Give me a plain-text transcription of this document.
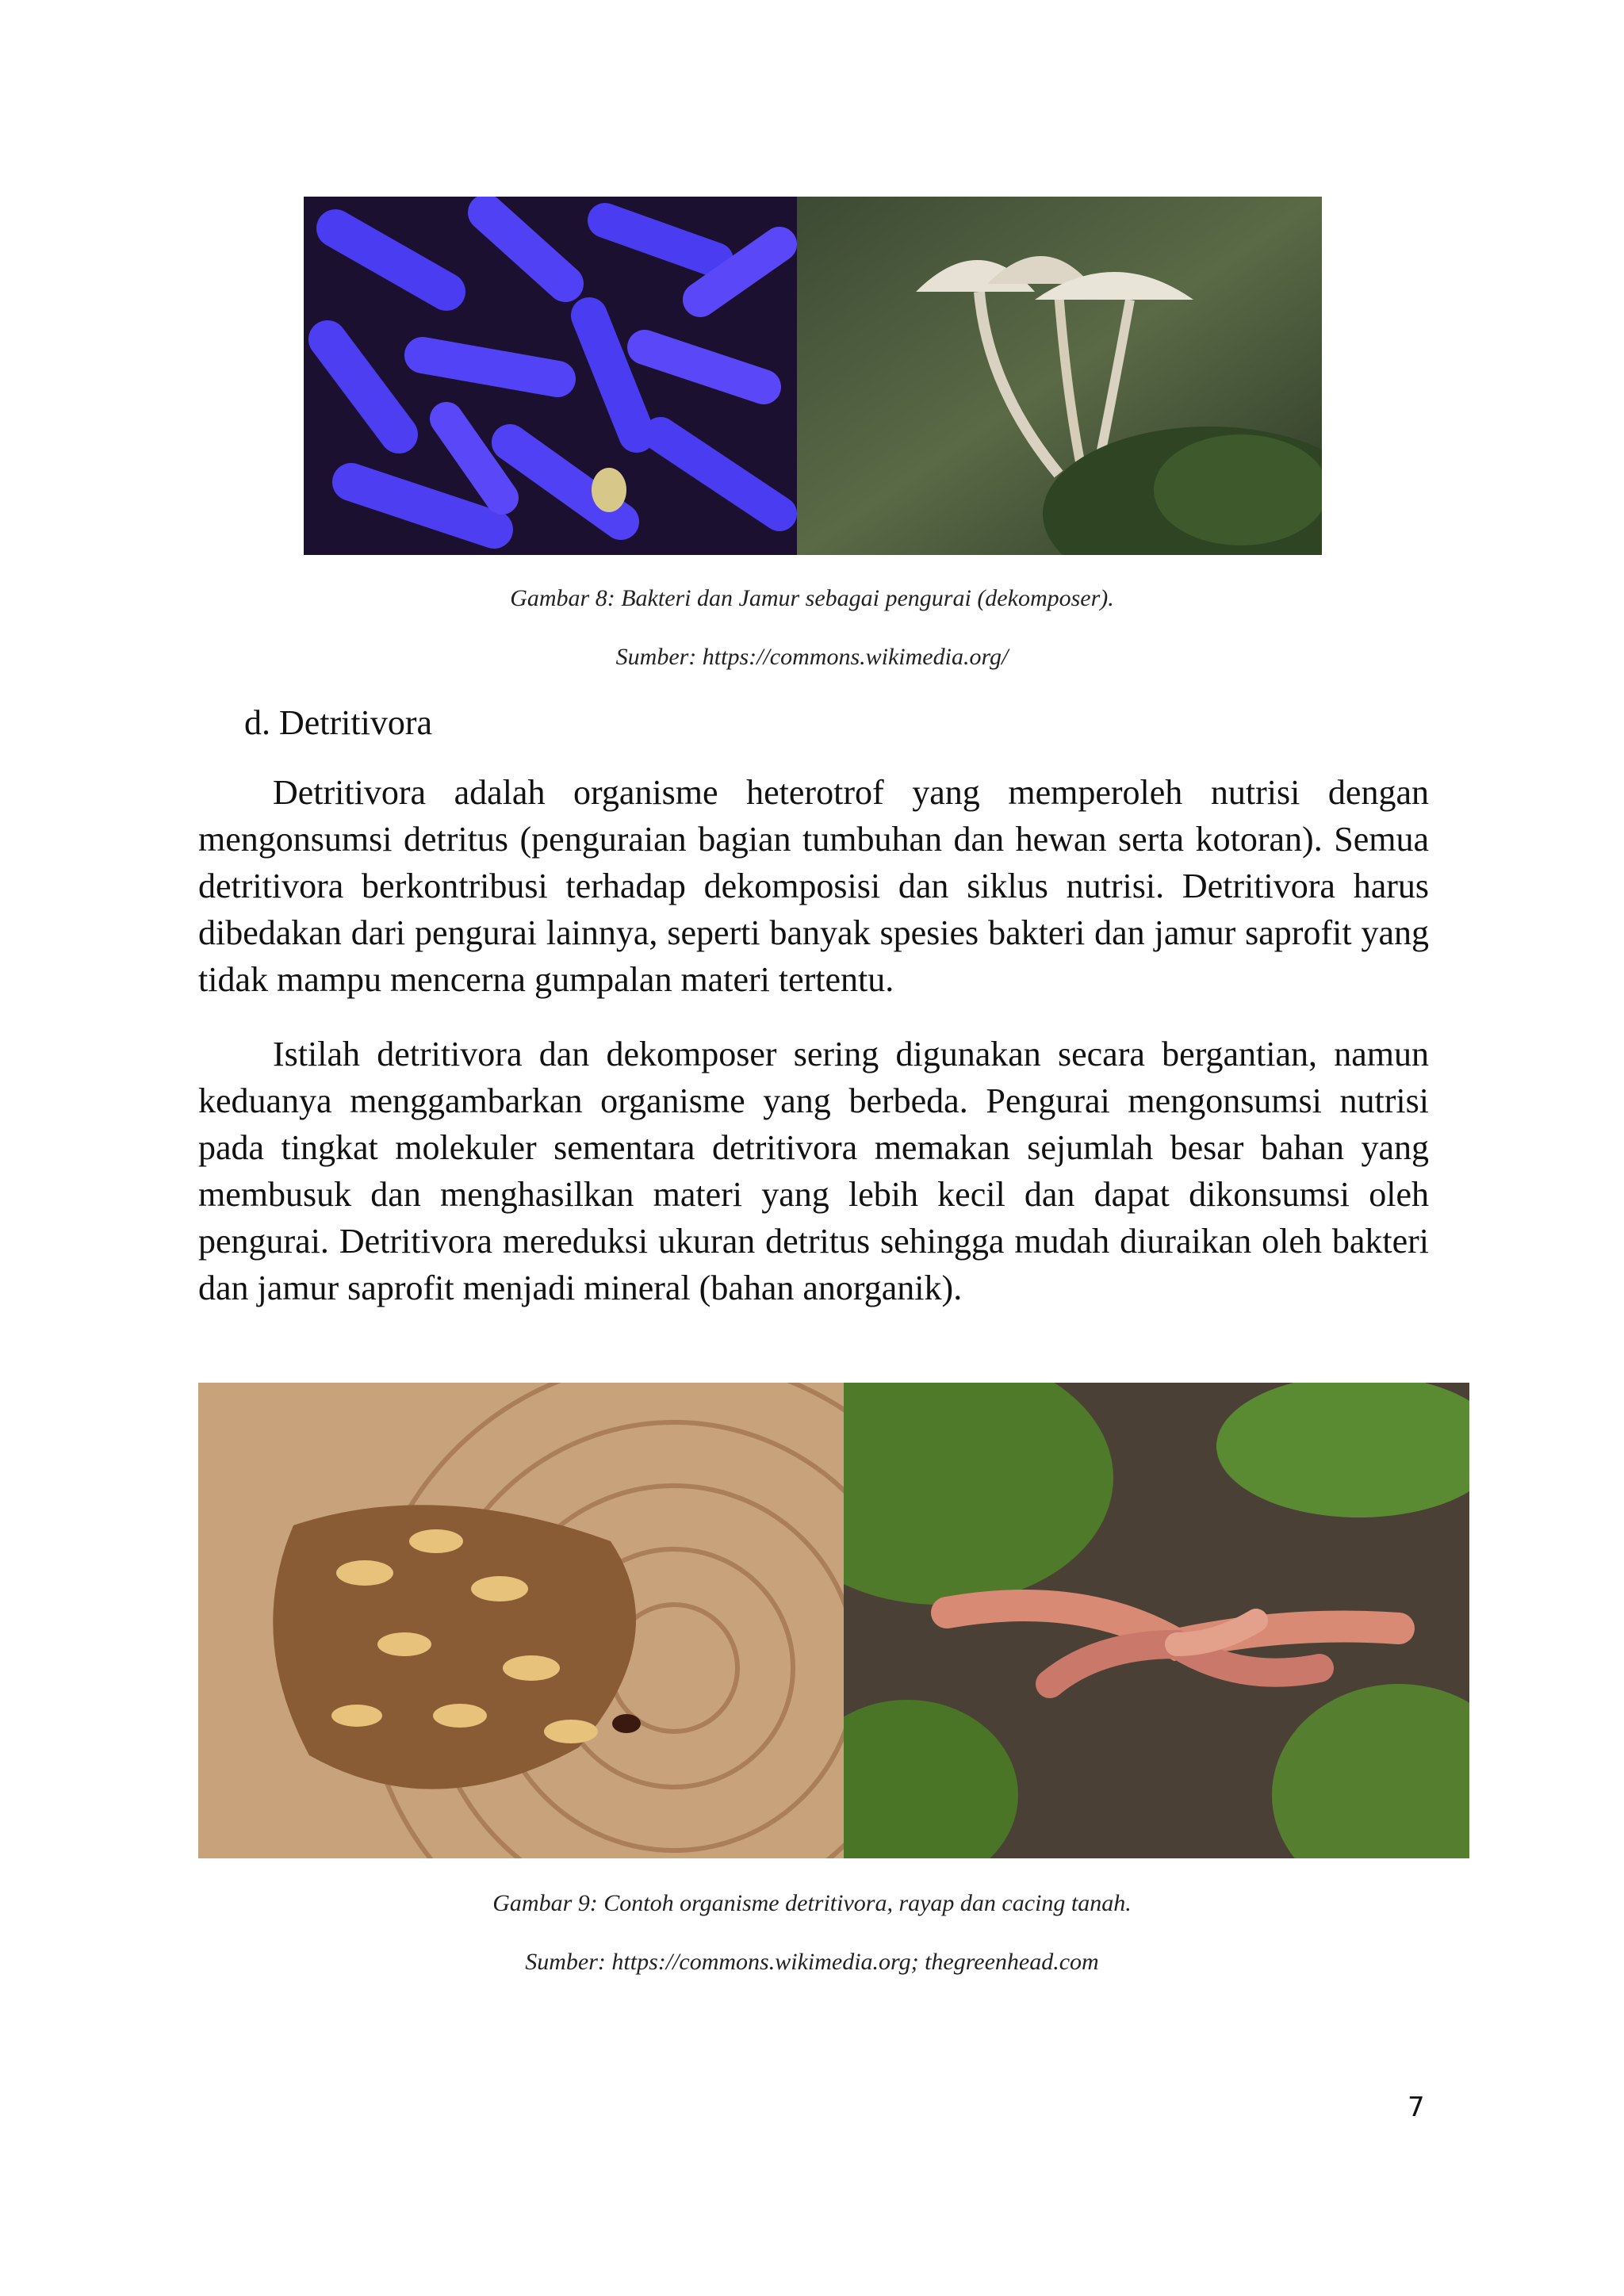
Gambar 8: Bakteri dan Jamur sebagai pengurai (dekomposer).
Sumber: https://commons.wikimedia.org/
d. Detritivora

Detritivora adalah organisme heterotrof yang memperoleh nutrisi dengan mengonsumsi detritus (penguraian bagian tumbuhan dan hewan serta kotoran). Semua detritivora berkontribusi terhadap dekomposisi dan siklus nutrisi. Detritivora harus dibedakan dari pengurai lainnya, seperti banyak spesies bakteri dan jamur saprofit yang tidak mampu mencerna gumpalan materi tertentu.

Istilah detritivora dan dekomposer sering digunakan secara bergantian, namun keduanya menggambarkan organisme yang berbeda. Pengurai mengonsumsi nutrisi pada tingkat molekuler sementara detritivora memakan sejumlah besar bahan yang membusuk dan menghasilkan materi yang lebih kecil dan dapat dikonsumsi oleh pengurai. Detritivora mereduksi ukuran detritus sehingga mudah diuraikan oleh bakteri dan jamur saprofit menjadi mineral (bahan anorganik).

Gambar 9: Contoh organisme detritivora, rayap dan cacing tanah.
Sumber: https://commons.wikimedia.org; thegreenhead.com
7
